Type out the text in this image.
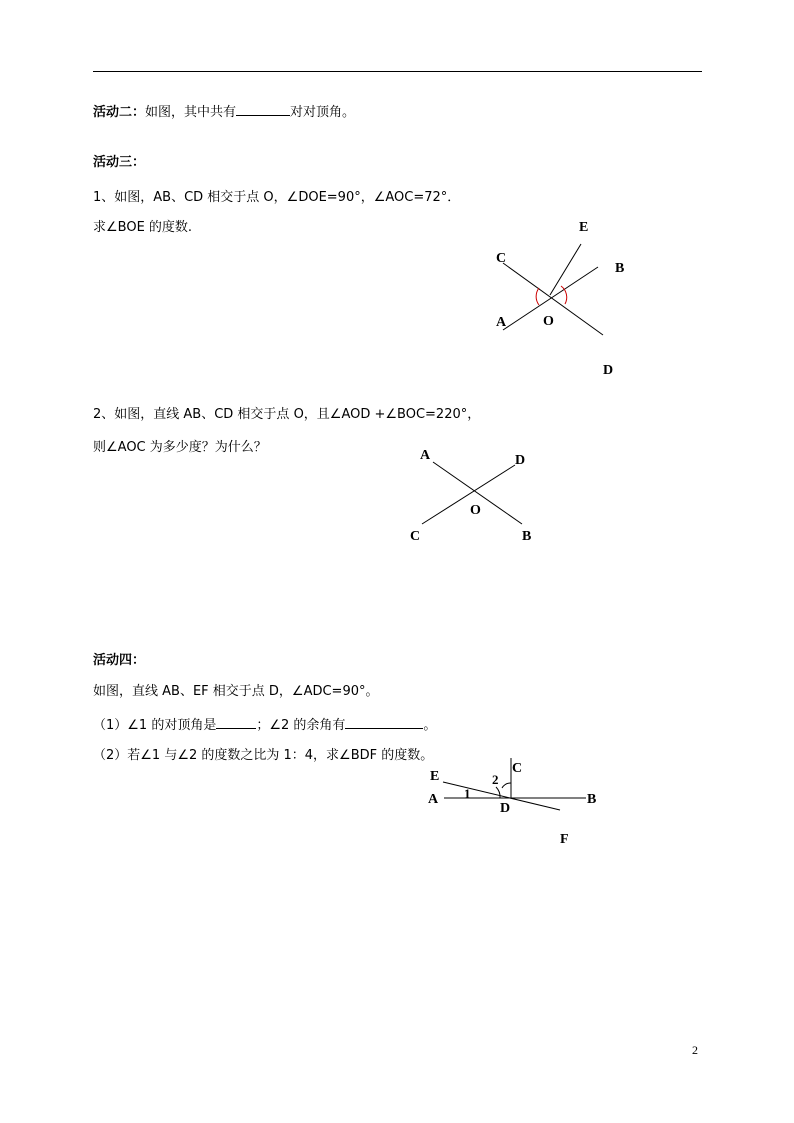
活动二：如图，其中共有	对对顶角。
活动三：
1、如图，AB、CD 相交于点 O，∠DOE=90°，∠AOC=72°．
求∠BOE 的度数.	E
C
B
A	O
D
2、如图，直线 AB、CD 相交于点 O，且∠AOD +∠BOC=220°，
则∠AOC 为多少度？为什么？
A	D
O
C	B
活动四：
如图，直线 AB、EF 相交于点 D，∠ADC=90°。
（1）∠1 的对顶角是	；∠2 的余角有	。
（2）若∠1 与∠2 的度数之比为 1：4，求∠BDF 的度数。
E
C
A 1
2
D
B
F
2
